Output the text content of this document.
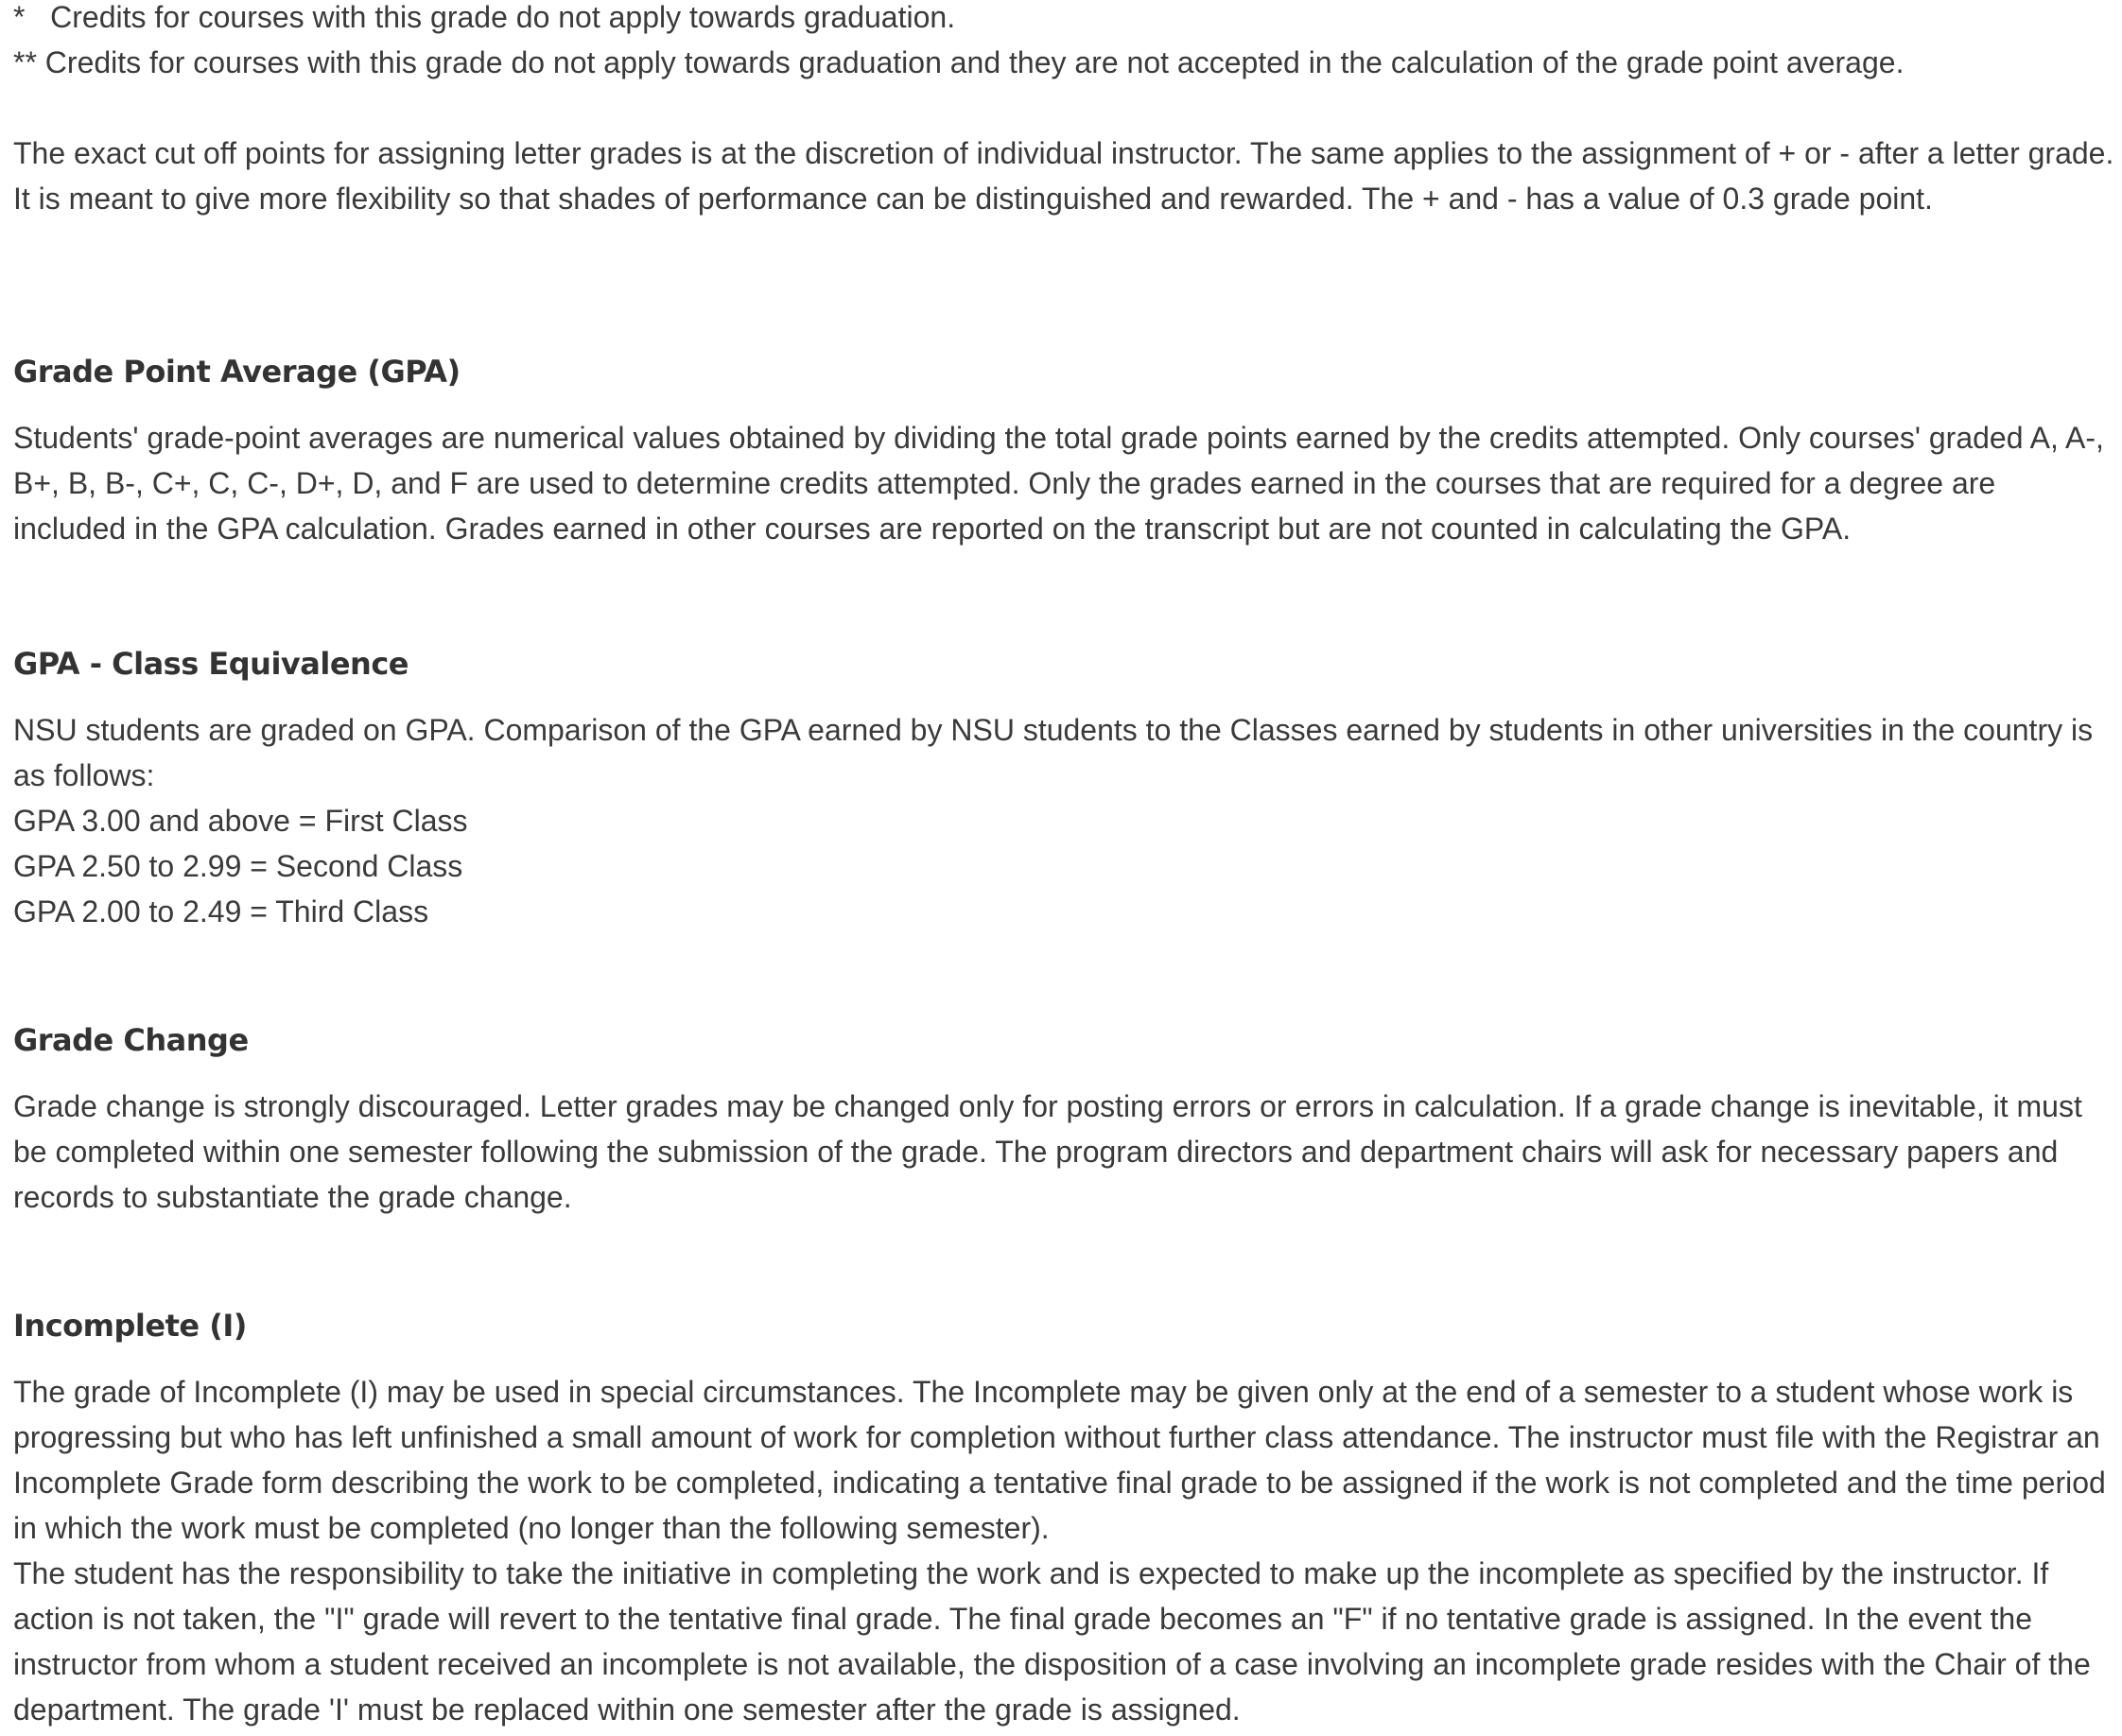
*   Credits for courses with this grade do not apply towards graduation.

** Credits for courses with this grade do not apply towards graduation and they are not accepted in the calculation of the grade point average.

The exact cut off points for assigning letter grades is at the discretion of individual instructor. The same applies to the assignment of + or - after a letter grade. It is meant to give more flexibility so that shades of performance can be distinguished and rewarded. The + and - has a value of 0.3 grade point.

Grade Point Average (GPA)

Students' grade-point averages are numerical values obtained by dividing the total grade points earned by the credits attempted. Only courses' graded A, A-, B+, B, B-, C+, C, C-, D+, D, and F are used to determine credits attempted. Only the grades earned in the courses that are required for a degree are included in the GPA calculation. Grades earned in other courses are reported on the transcript but are not counted in calculating the GPA.

GPA - Class Equivalence

NSU students are graded on GPA. Comparison of the GPA earned by NSU students to the Classes earned by students in other universities in the country is as follows:

GPA 3.00 and above = First Class

GPA 2.50 to 2.99 = Second Class

GPA 2.00 to 2.49 = Third Class

Grade Change

Grade change is strongly discouraged. Letter grades may be changed only for posting errors or errors in calculation. If a grade change is inevitable, it must be completed within one semester following the submission of the grade. The program directors and department chairs will ask for necessary papers and records to substantiate the grade change.

Incomplete (I)

The grade of Incomplete (I) may be used in special circumstances. The Incomplete may be given only at the end of a semester to a student whose work is progressing but who has left unfinished a small amount of work for completion without further class attendance. The instructor must file with the Registrar an Incomplete Grade form describing the work to be completed, indicating a tentative final grade to be assigned if the work is not completed and the time period in which the work must be completed (no longer than the following semester).

The student has the responsibility to take the initiative in completing the work and is expected to make up the incomplete as specified by the instructor. If action is not taken, the "I" grade will revert to the tentative final grade. The final grade becomes an "F" if no tentative grade is assigned. In the event the instructor from whom a student received an incomplete is not available, the disposition of a case involving an incomplete grade resides with the Chair of the department. The grade 'I' must be replaced within one semester after the grade is assigned.
